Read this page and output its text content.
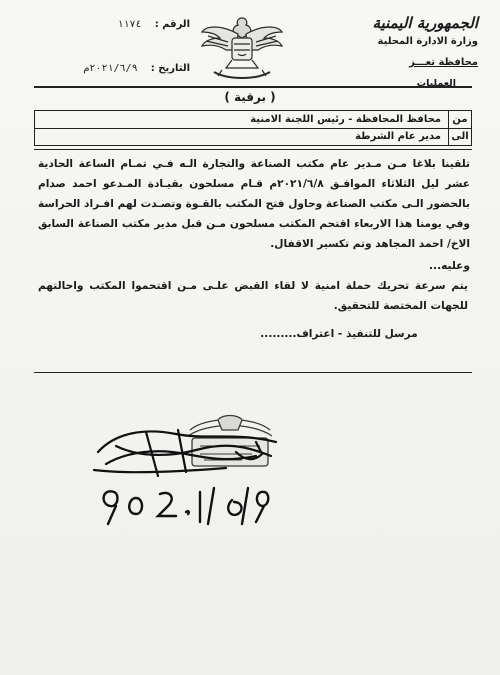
الجمهورية اليمنية
وزارة الادارة المحلية
محافظة تعـــز
العمليات
الرقم : ١١٧٤
التاريخ : ٢٠٢١/٦/٩م
( برقية )
من
محافظ المحافظة - رئيس اللجنة الامنية
الى
مدير عام الشرطة

تلقينا بلاغا مـن مـدير عام مكتب الصناعة والتجارة الـه فـي تمـام الساعة الحادية عشر ليل الثلاثاء الموافـق ٢٠٢١/٦/٨م قـام مسلحون بقيـادة المـدعو احمد صدام بالحضور الـى مكتب الصناعة وحاول فتح المكتب بالقـوة وتصـدت لهم افـراد الحراسة وفي يومنا هذا الاربعاء اقتحم المكتب مسلحون مـن قبل مدير مكتب الصناعة السابق الاخ/ احمد المجاهد وتم تكسير الاقفال.

وعليه...

يتم سرعة تحريك حملة امنية لا لقاء القبض علـى مـن اقتحموا المكتب واحالتهم للجهات المختصة للتحقيق.

مرسل للتنفيذ - اعتراف.........
